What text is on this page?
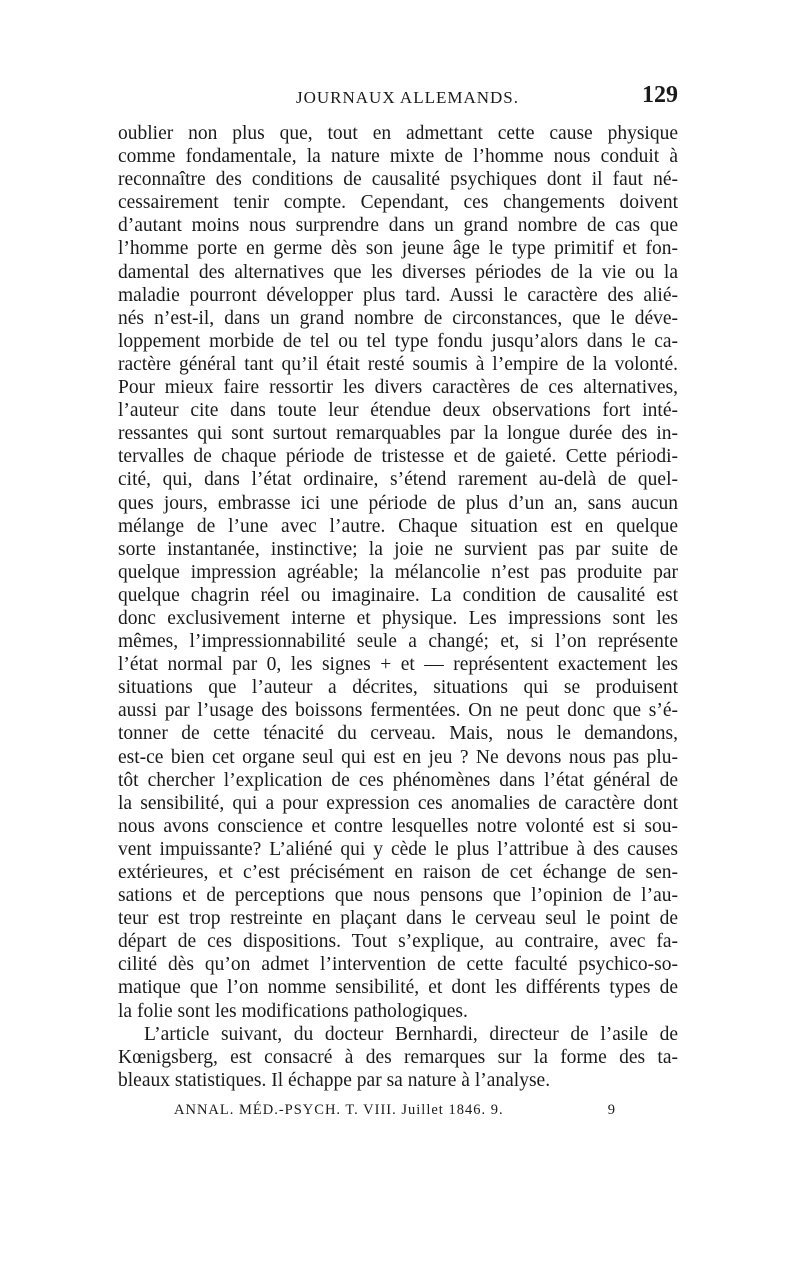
JOURNAUX ALLEMANDS.	129

oublier non plus que, tout en admettant cette cause physique
comme fondamentale, la nature mixte de l’homme nous conduit à
reconnaître des conditions de causalité psychiques dont il faut né-
cessairement tenir compte. Cependant, ces changements doivent
d’autant moins nous surprendre dans un grand nombre de cas que
l’homme porte en germe dès son jeune âge le type primitif et fon-
damental des alternatives que les diverses périodes de la vie ou la
maladie pourront développer plus tard. Aussi le caractère des alié-
nés n’est-il, dans un grand nombre de circonstances, que le déve-
loppement morbide de tel ou tel type fondu jusqu’alors dans le ca-
ractère général tant qu’il était resté soumis à l’empire de la volonté.
Pour mieux faire ressortir les divers caractères de ces alternatives,
l’auteur cite dans toute leur étendue deux observations fort inté-
ressantes qui sont surtout remarquables par la longue durée des in-
tervalles de chaque période de tristesse et de gaieté. Cette périodi-
cité, qui, dans l’état ordinaire, s’étend rarement au-delà de quel-
ques jours, embrasse ici une période de plus d’un an, sans aucun
mélange de l’une avec l’autre. Chaque situation est en quelque
sorte instantanée, instinctive; la joie ne survient pas par suite de
quelque impression agréable; la mélancolie n’est pas produite par
quelque chagrin réel ou imaginaire. La condition de causalité est
donc exclusivement interne et physique. Les impressions sont les
mêmes, l’impressionnabilité seule a changé; et, si l’on représente
l’état normal par 0, les signes + et — représentent exactement les
situations que l’auteur a décrites, situations qui se produisent
aussi par l’usage des boissons fermentées. On ne peut donc que s’é-
tonner de cette ténacité du cerveau. Mais, nous le demandons,
est-ce bien cet organe seul qui est en jeu ? Ne devons nous pas plu-
tôt chercher l’explication de ces phénomènes dans l’état général de
la sensibilité, qui a pour expression ces anomalies de caractère dont
nous avons conscience et contre lesquelles notre volonté est si sou-
vent impuissante? L’aliéné qui y cède le plus l’attribue à des causes
extérieures, et c’est précisément en raison de cet échange de sen-
sations et de perceptions que nous pensons que l’opinion de l’au-
teur est trop restreinte en plaçant dans le cerveau seul le point de
départ de ces dispositions. Tout s’explique, au contraire, avec fa-
cilité dès qu’on admet l’intervention de cette faculté psychico-so-
matique que l’on nomme sensibilité, et dont les différents types de
la folie sont les modifications pathologiques.

L’article suivant, du docteur Bernhardi, directeur de l’asile de
Kœnigsberg, est consacré à des remarques sur la forme des ta-
bleaux statistiques. Il échappe par sa nature à l’analyse.

ANNAL. MÉD.-PSYCH. T. VIII. Juillet 1846. 9.	9
